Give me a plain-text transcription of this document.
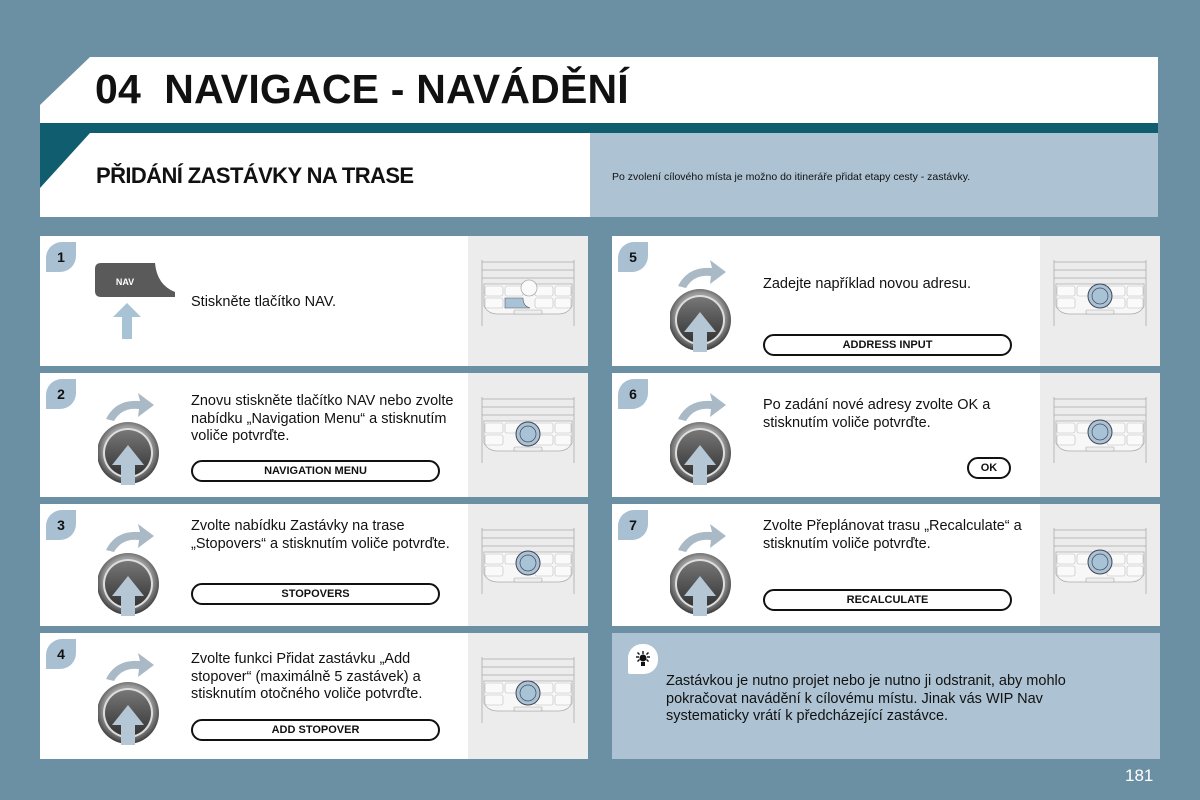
04 NAVIGACE - NAVÁDĚNÍ
PŘIDÁNÍ ZASTÁVKY NA TRASE	Po zvolení cílového místa je možno do itineráře přidat etapy cesty - zastávky.
1
NAV
Stiskněte tlačítko NAV.
2	Znovu stiskněte tlačítko NAV nebo zvolte nabídku „Navigation Menu“ a stisknutím voliče potvrďte.
NAVIGATION MENU
3	Zvolte nabídku Zastávky na trase „Stopovers“ a stisknutím voliče potvrďte.
STOPOVERS
4	Zvolte funkci Přidat zastávku „Add stopover“ (maximálně 5 zastávek) a stisknutím otočného voliče potvrďte.
ADD STOPOVER
5
Zadejte například novou adresu.
ADDRESS INPUT
6
Po zadání nové adresy zvolte OK a stisknutím voliče potvrďte.
OK
7	Zvolte Přeplánovat trasu „Recalculate“ a stisknutím voliče potvrďte.
RECALCULATE
Zastávkou je nutno projet nebo je nutno ji odstranit, aby mohlo pokračovat navádění k cílovému místu. Jinak vás WIP Nav systematicky vrátí k předcházející zastávce.
181
